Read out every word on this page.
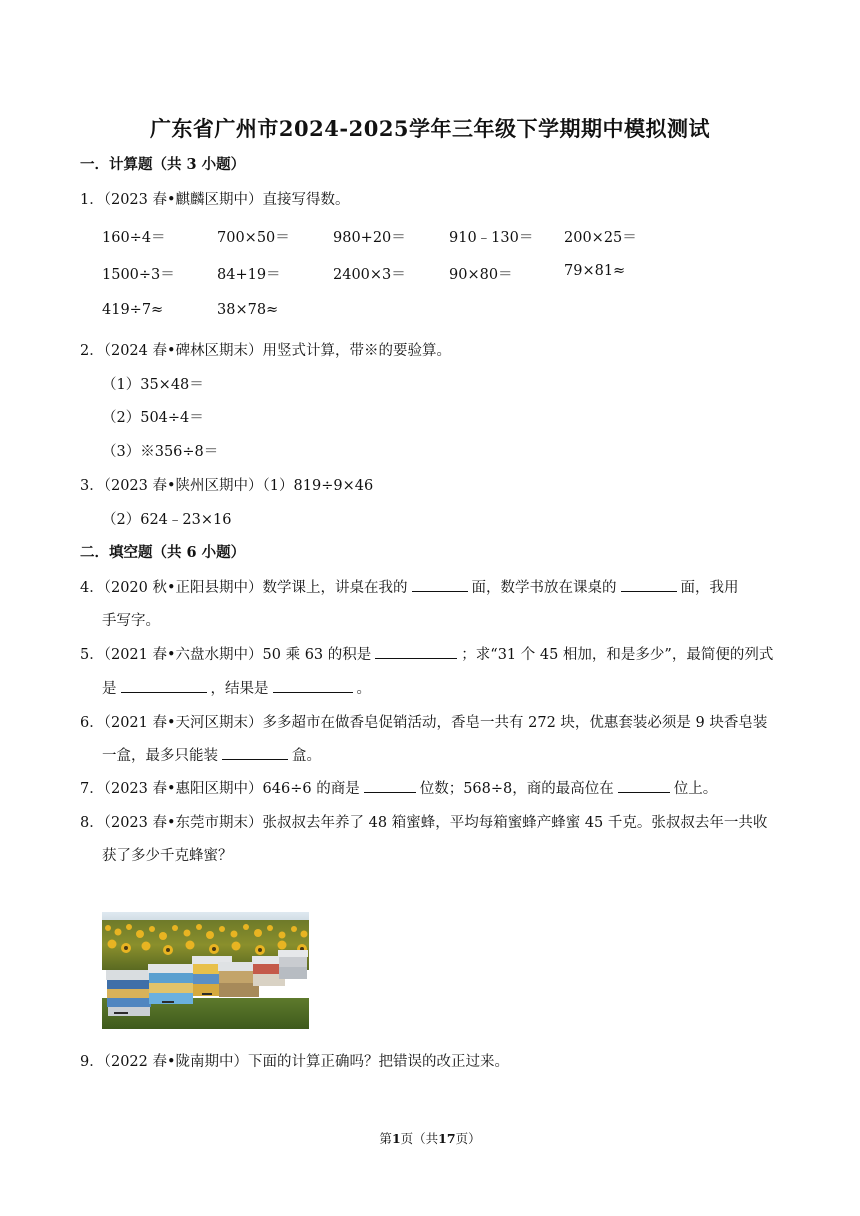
广东省广州市2024-2025学年三年级下学期期中模拟测试
一．计算题（共 3 小题）
1．（2023 春•麒麟区期中）直接写得数。
160÷4＝	700×50＝	980+20＝	910﹣130＝ 200×25＝
1500÷3＝	84+19＝	2400×3＝	90×80＝	79×81≈
419÷7≈	38×78≈
2．（2024 春•碑林区期末）用竖式计算，带※的要验算。
（1）35×48＝
（2）504÷4＝
（3）※356÷8＝
3．（2023 春•陕州区期中）（1）819÷9×46
（2）624﹣23×16
二．填空题（共 6 小题）
4．（2020 秋•正阳县期中）数学课上，讲桌在我的	面，数学书放在课桌的	面，我用
手写字。
5．（2021 春•六盘水期中）50 乘 63 的积是	；求“31 个 45 相加，和是多少”，最简便的列式
是	，结果是	。
6．（2021 春•天河区期末）多多超市在做香皂促销活动，香皂一共有 272 块，优惠套装必须是 9 块香皂装
一盒，最多只能装	盒。
7．（2023 春•惠阳区期中）646÷6 的商是	位数；568÷8，商的最高位在	位上。
8．（2023 春•东莞市期末）张叔叔去年养了 48 箱蜜蜂，平均每箱蜜蜂产蜂蜜 45 千克。张叔叔去年一共收
获了多少千克蜂蜜？
9．（2022 春•陇南期中）下面的计算正确吗？把错误的改正过来。
第1页（共17页）
